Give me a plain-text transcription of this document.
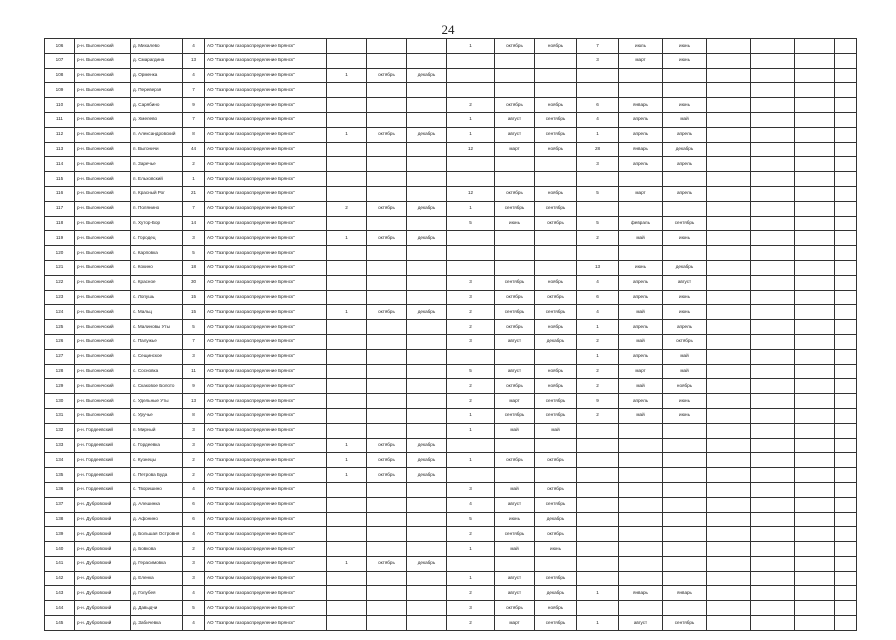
24
106	р-н. Выгоничский	д. Михалево	4	АО "Газпром газораспределение Брянск"				1	октябрь	ноябрь	7	июль	июнь				
107	р-н. Выгоничский	д. Смарагдина	13	АО "Газпром газораспределение Брянск"							3	март	июнь				
108	р-н. Выгоничский	д. Орменка	4	АО "Газпром газораспределение Брянск"	1	октябрь	декабрь										
109	р-н. Выгоничский	д. Переверзя	7	АО "Газпром газораспределение Брянск"													
110	р-н. Выгоничский	д. Сарябино	9	АО "Газпром газораспределение Брянск"				2	октябрь	ноябрь	6	январь	июнь				
111	р-н. Выгоничский	д. Хмелево	7	АО "Газпром газораспределение Брянск"				1	август	сентябрь	4	апрель	май				
112	р-н. Выгоничский	п. Александровский	8	АО "Газпром газораспределение Брянск"	1	октябрь	декабрь	1	август	сентябрь	1	апрель	апрель				
113	р-н. Выгоничский	п. Выгоничи	44	АО "Газпром газораспределение Брянск"				12	март	ноябрь	28	январь	декабрь				
114	р-н. Выгоничский	п. Заречье	2	АО "Газпром газораспределение Брянск"							3	апрель	апрель				
115	р-н. Выгоничский	п. Ельховский	1	АО "Газпром газораспределение Брянск"													
116	р-н. Выгоничский	п. Красный Рог	21	АО "Газпром газораспределение Брянск"				12	октябрь	ноябрь	5	март	апрель				
117	р-н. Выгоничский	п. Полянино	7	АО "Газпром газораспределение Брянск"	2	октябрь	декабрь	1	сентябрь	сентябрь							
118	р-н. Выгоничский	п. Хутор-Бор	14	АО "Газпром газораспределение Брянск"				5	июнь	октябрь	5	февраль	сентябрь				
119	р-н. Выгоничский	с. Городец	3	АО "Газпром газораспределение Брянск"	1	октябрь	декабрь				2	май	июнь				
120	р-н. Выгоничский	с. Карповка	5	АО "Газпром газораспределение Брянск"													
121	р-н. Выгоничский	с. Кокино	18	АО "Газпром газораспределение Брянск"							13	июнь	декабрь				
122	р-н. Выгоничский	с. Красное	30	АО "Газпром газораспределение Брянск"				3	сентябрь	ноябрь	4	апрель	август				
123	р-н. Выгоничский	с. Лопушь	15	АО "Газпром газораспределение Брянск"				3	октябрь	октябрь	6	апрель	июнь				
124	р-н. Выгоничский	с. Мальц	15	АО "Газпром газораспределение Брянск"	1	октябрь	декабрь	2	сентябрь	сентябрь	4	май	июнь				
125	р-н. Выгоничский	с. Малиновы Уты	5	АО "Газпром газораспределение Брянск"				2	октябрь	ноябрь	1	апрель	апрель				
126	р-н. Выгоничский	с. Палужье	7	АО "Газпром газораспределение Брянск"				3	август	декабрь	2	май	октябрь				
127	р-н. Выгоничский	с. Сещинское	3	АО "Газпром газораспределение Брянск"							1	апрель	май				
128	р-н. Выгоничский	с. Сосновка	11	АО "Газпром газораспределение Брянск"				5	август	ноябрь	2	март	май				
129	р-н. Выгоничский	с. Скаковое Болото	9	АО "Газпром газораспределение Брянск"				2	октябрь	ноябрь	2	май	ноябрь				
130	р-н. Выгоничский	с. Удельные Уты	13	АО "Газпром газораспределение Брянск"				2	март	сентябрь	9	апрель	июнь				
131	р-н. Выгоничский	с. Уручье	8	АО "Газпром газораспределение Брянск"				1	сентябрь	сентябрь	2	май	июнь				
132	р-н. Гордеевский	п. Мирный	3	АО "Газпром газораспределение Брянск"				1	май	май							
133	р-н. Гордеевский	с. Гордеевка	3	АО "Газпром газораспределение Брянск"	1	октябрь	декабрь										
134	р-н. Гордеевский	с. Кузнецы	2	АО "Газпром газораспределение Брянск"	1	октябрь	декабрь	1	октябрь	октябрь							
135	р-н. Гордеевский	с. Петрова Буда	2	АО "Газпром газораспределение Брянск"	1	октябрь	декабрь										
136	р-н. Гордеевский	с. Творишино	4	АО "Газпром газораспределение Брянск"				3	май	октябрь							
137	р-н. Дубровский	д. Алешинка	6	АО "Газпром газораспределение Брянск"				4	август	сентябрь							
138	р-н. Дубровский	д. Афонино	6	АО "Газпром газораспределение Брянск"				5	июнь	декабрь							
139	р-н. Дубровский	д. Большая Островня	4	АО "Газпром газораспределение Брянск"				2	сентябрь	октябрь							
140	р-н. Дубровский	д. Бовкова	2	АО "Газпром газораспределение Брянск"				1	май	июнь							
141	р-н. Дубровский	д. Герасимовка	3	АО "Газпром газораспределение Брянск"	1	октябрь	декабрь										
142	р-н. Дубровский	д. Еленка	3	АО "Газпром газораспределение Брянск"				1	август	сентябрь							
143	р-н. Дубровский	д. Голубея	4	АО "Газпром газораспределение Брянск"				2	август	декабрь	1	январь	январь				
144	р-н. Дубровский	д. Давыдчи	5	АО "Газпром газораспределение Брянск"				3	октябрь	ноябрь							
145	р-н. Дубровский	д. Забичевка	4	АО "Газпром газораспределение Брянск"				2	март	сентябрь	1	август	сентябрь				
